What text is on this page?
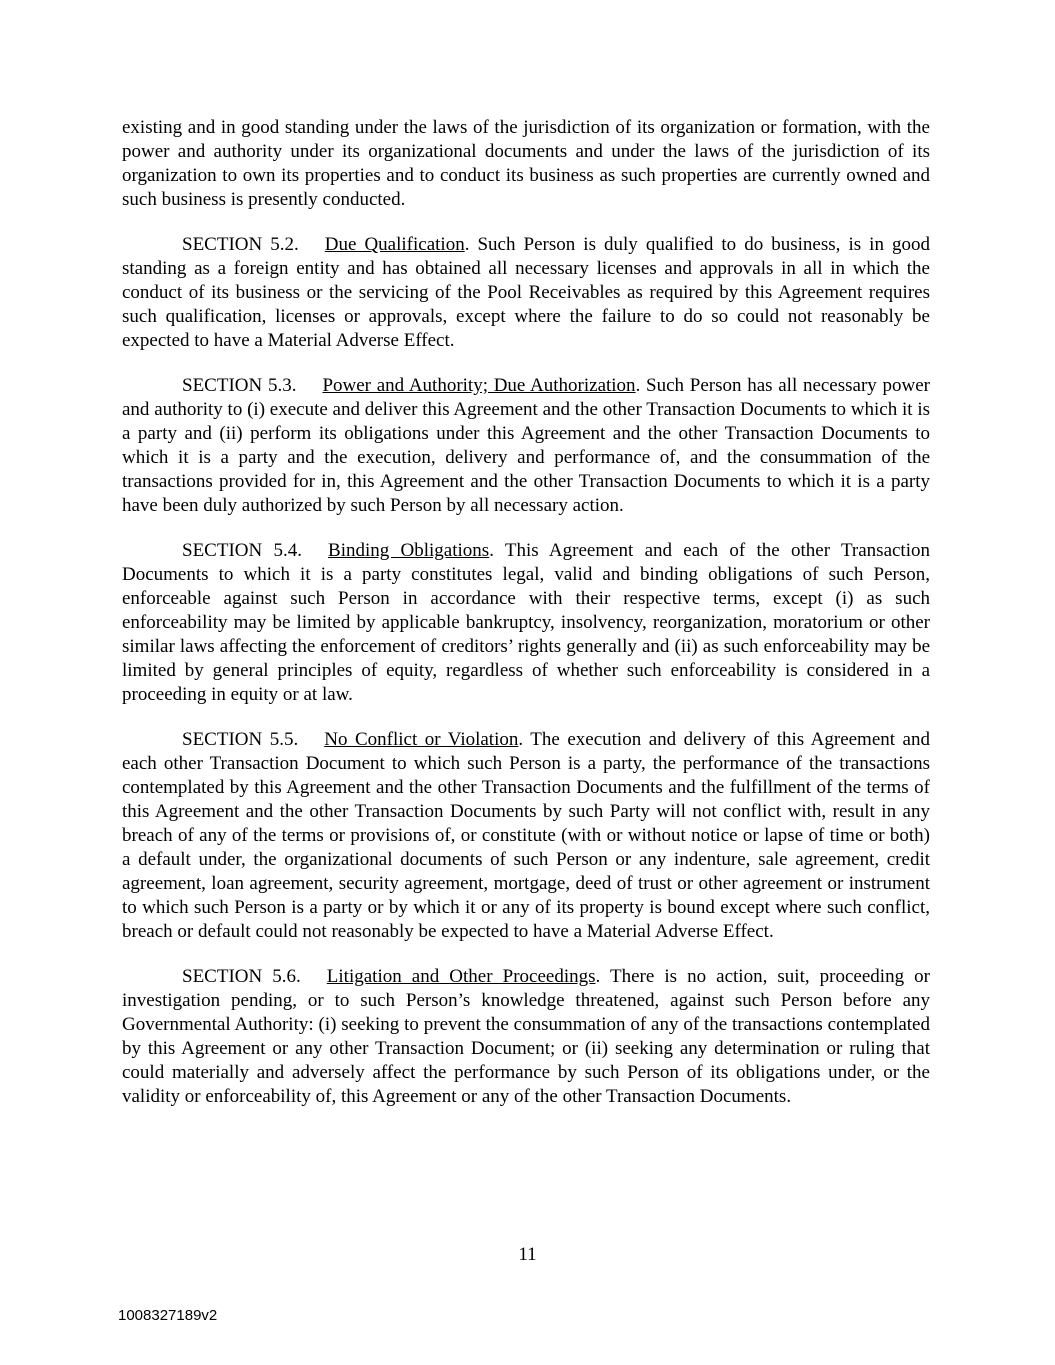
existing and in good standing under the laws of the jurisdiction of its organization or formation, with the power and authority under its organizational documents and under the laws of the jurisdiction of its organization to own its properties and to conduct its business as such properties are currently owned and such business is presently conducted.

SECTION 5.2. Due Qualification. Such Person is duly qualified to do business, is in good standing as a foreign entity and has obtained all necessary licenses and approvals in all in which the conduct of its business or the servicing of the Pool Receivables as required by this Agreement requires such qualification, licenses or approvals, except where the failure to do so could not reasonably be expected to have a Material Adverse Effect.

SECTION 5.3. Power and Authority; Due Authorization. Such Person has all necessary power and authority to (i) execute and deliver this Agreement and the other Transaction Documents to which it is a party and (ii) perform its obligations under this Agreement and the other Transaction Documents to which it is a party and the execution, delivery and performance of, and the consummation of the transactions provided for in, this Agreement and the other Transaction Documents to which it is a party have been duly authorized by such Person by all necessary action.

SECTION 5.4. Binding Obligations. This Agreement and each of the other Transaction Documents to which it is a party constitutes legal, valid and binding obligations of such Person, enforceable against such Person in accordance with their respective terms, except (i) as such enforceability may be limited by applicable bankruptcy, insolvency, reorganization, moratorium or other similar laws affecting the enforcement of creditors’ rights generally and (ii) as such enforceability may be limited by general principles of equity, regardless of whether such enforceability is considered in a proceeding in equity or at law.

SECTION 5.5. No Conflict or Violation. The execution and delivery of this Agreement and each other Transaction Document to which such Person is a party, the performance of the transactions contemplated by this Agreement and the other Transaction Documents and the fulfillment of the terms of this Agreement and the other Transaction Documents by such Party will not conflict with, result in any breach of any of the terms or provisions of, or constitute (with or without notice or lapse of time or both) a default under, the organizational documents of such Person or any indenture, sale agreement, credit agreement, loan agreement, security agreement, mortgage, deed of trust or other agreement or instrument to which such Person is a party or by which it or any of its property is bound except where such conflict, breach or default could not reasonably be expected to have a Material Adverse Effect.

SECTION 5.6. Litigation and Other Proceedings. There is no action, suit, proceeding or investigation pending, or to such Person’s knowledge threatened, against such Person before any Governmental Authority: (i) seeking to prevent the consummation of any of the transactions contemplated by this Agreement or any other Transaction Document; or (ii) seeking any determination or ruling that could materially and adversely affect the performance by such Person of its obligations under, or the validity or enforceability of, this Agreement or any of the other Transaction Documents.

11
1008327189v2
